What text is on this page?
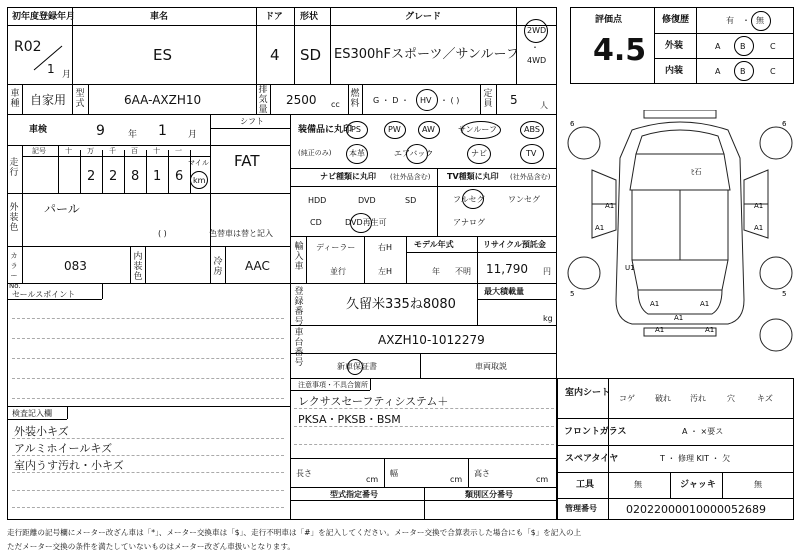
初年度登録年月	車名	ドア 形状	グレード
R02
1 月
ES	4 SD ES300hFスポーツ／サンルーフ
2WD
・
4WD
車種 自家用 型式	6AA-AXZH10
排気量
2500 cc
燃料 G ・ D ・ HV ・ ( )
定員 5	人
車検	9	年 1 月
シフト
FAT
走行
記号	十 万 千 百 十 一
2 2 8 1 6
マイル
km
外装色
パール
( )	色替車は替と記入
カラーNo.
083
内装色
冷房 AAC
セールスポイント
検査記入欄
外装小キズ
アルミホイールキズ
室内うす汚れ・小キズ
装備品に丸印
(純正のみ)
PS	PW	AW	サンルーフ	ABS
本革	エアバック	ナビ	TV
ナビ種類に丸印 (社外品含む)
HDD	DVD	SD
CD	DVD再生可
TV種類に丸印 (社外品含む)
フルセグ	ワンセグ
アナログ
輸入車
ディーラー
並行
右H
左H
モデル年式
年 不明
リサイクル預託金
11,790 円
登録番号
久留米335ね8080
最大積載量
kg
車台番号
AXZH10-1012279
新車保証書	車両取説
注意事項・不具合箇所
レクサスセーフティシステム＋
PKSA・PKSB・BSM
長さ
cm
幅
cm
高さ
cm
型式指定番号	類別区分番号
評価点
4.5
修復歴	有 ・ 無
外装	A B	C
内装	A B	C
6	6
5	5
ﾋ石
A1
A1
A1
A1
U1
A1	A1
A1
A1	A1
室内シート
コゲ	破れ 汚れ	穴	キズ
フロントガラス	A ・ ×要ス
スペアタイヤ	T ・ 修理 KIT ・ 欠
工具	無	ジャッキ	無
管理番号	02022000010000052689
走行距離の記号欄にメーター改ざん車は「*」、メーター交換車は「$」、走行不明車は「#」を記入してください。メーター交換で合算表示した場合にも「$」を記入の上
ただメーター交換の条件を満たしていないものはメーター改ざん車扱いとなります。
